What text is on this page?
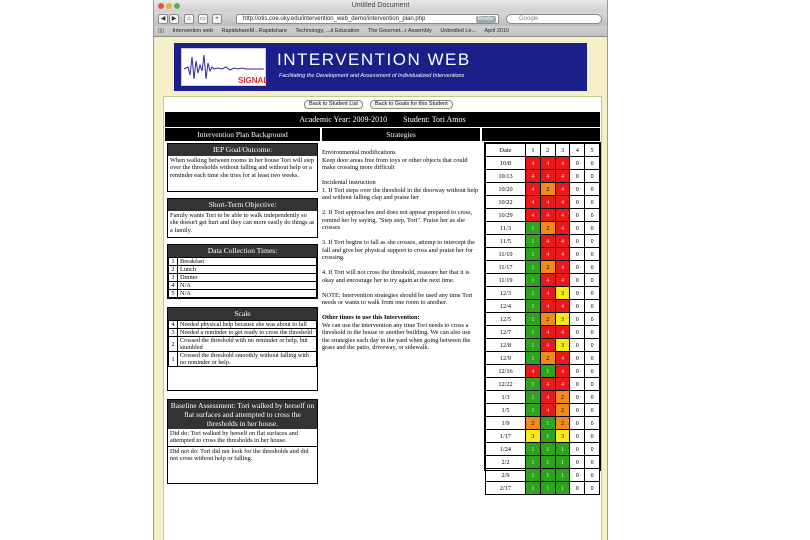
Untitled Document
◀	▶	⌂	▭	+	http://otis.coe.uky.edu/intervention_web_demo/intervention_plan.php	Reader	Google
▯▯ Intervention web RapidshareM...Rapidshare Technology, ...d Education The Gourmet...r Assembly Unbridled Le... April 2010
SIGNAL
INTERVENTION WEB
Facilitating the Development and Assessment of Individualized Interventions
Back to Student List	Back to Goals for this Student
Academic Year: 2009-2010 Student: Tori Amos
Intervention Plan Background	Strategies
IEP Goal/Outcome:
When walking between rooms in her house Tori will step over the thresholds without falling and without help or a reminder each time she tries for at least two weeks.
Short-Term Objective:
Family wants Tori to be able to walk independently so she doesn't get hurt and they can more easily do things as a family.
Data Collection Times:
1	Breakfast
2	Lunch
3	Dinner
4	N/A
5	N/A
Scale
4	Needed physical help because she was about to fall
3	Needed a reminder to get ready to cross the threshold
2	Crossed the threshold with no reminder or help, but stumbled
1	Crossed the threshold smoothly without falling with no reminder or help.
Baseline Assessment: Tori walked by herself on flat surfaces and attempted to cross the thresholds in her house.
Did do: Tori walked by herself on flat surfaces and attempted to cross the thresholds in her house.
Did not do: Tori did not look for the thresholds and did not cross without help or falling.

Environmental modifications
Keep door areas free from toys or other objects that could make crossing more difficult

Incidental instruction
1. If Tori steps over the threshold in the doorway without help and without falling clap and praise her

2. If Tori approaches and does not appear prepared to cross, remind her by saying, "Step step, Tori". Praise her as she crosses

3. If Tori begins to fall as she crosses, attemp to intercept the fall and give her physical support to cross and praise her for crossing.

4. If Tori will not cross the threshold, reassure her that it is okay and encourage her to try again at the next time.

NOTE: Intervention strategies should be used any time Tori needs or wants to walk from one room to another.

Other times to use this Intervention:
We can use the intervention any time Tori needs to cross a threshold in the house or another building. We can also use the strategies each day in the yard when going between the grass and the patio, driveway, or sidewalk.

Date	1	2	3	4	5
10/8	4	4	4	0	0
10/13	4	4	4	0	0
10/20	4	2	4	0	0
10/22	4	4	4	0	0
10/29	4	4	4	0	0
11/3	1	2	4	0	0
11/5	1	4	4	0	0
11/10	1	4	4	0	0
11/17	1	2	4	0	0
11/19	1	4	4	0	0
12/3	1	4	3	0	0
12/4	1	4	4	0	0
12/5	1	2	3	0	0
12/7	1	4	4	0	0
12/8	1	4	3	0	0
12/9	1	2	4	0	0
12/16	4	1	4	0	0
12/22	1	4	4	0	0
1/3	1	4	2	0	0
1/5	1	4	2	0	0
1/9	2	1	2	0	0
1/17	3	1	3	0	0
1/24	1	1	1	0	0
2/2	1	1	1	0	0
2/9	1	1	1	0	0
2/17	1	1	1	0	0
